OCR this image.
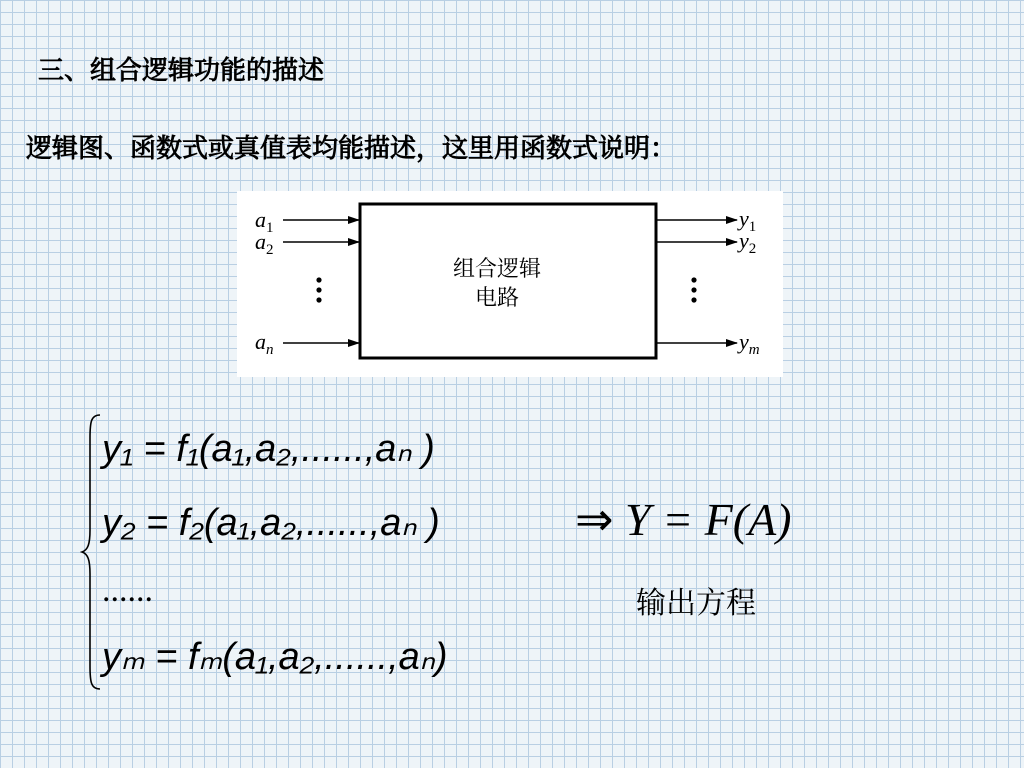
三、组合逻辑功能的描述
逻辑图、函数式或真值表均能描述，这里用函数式说明：
组合逻辑
电路
$a_1$
$a_2$
$a_n$
$y_1$
$y_2$
$y_m$
y₁ = f₁(a₁,a₂,......,aₙ )
y₂ = f₂(a₁,a₂,......,aₙ )
......
yₘ = fₘ(a₁,a₂,......,aₙ)
⇒ Y = F(A)
输出方程
